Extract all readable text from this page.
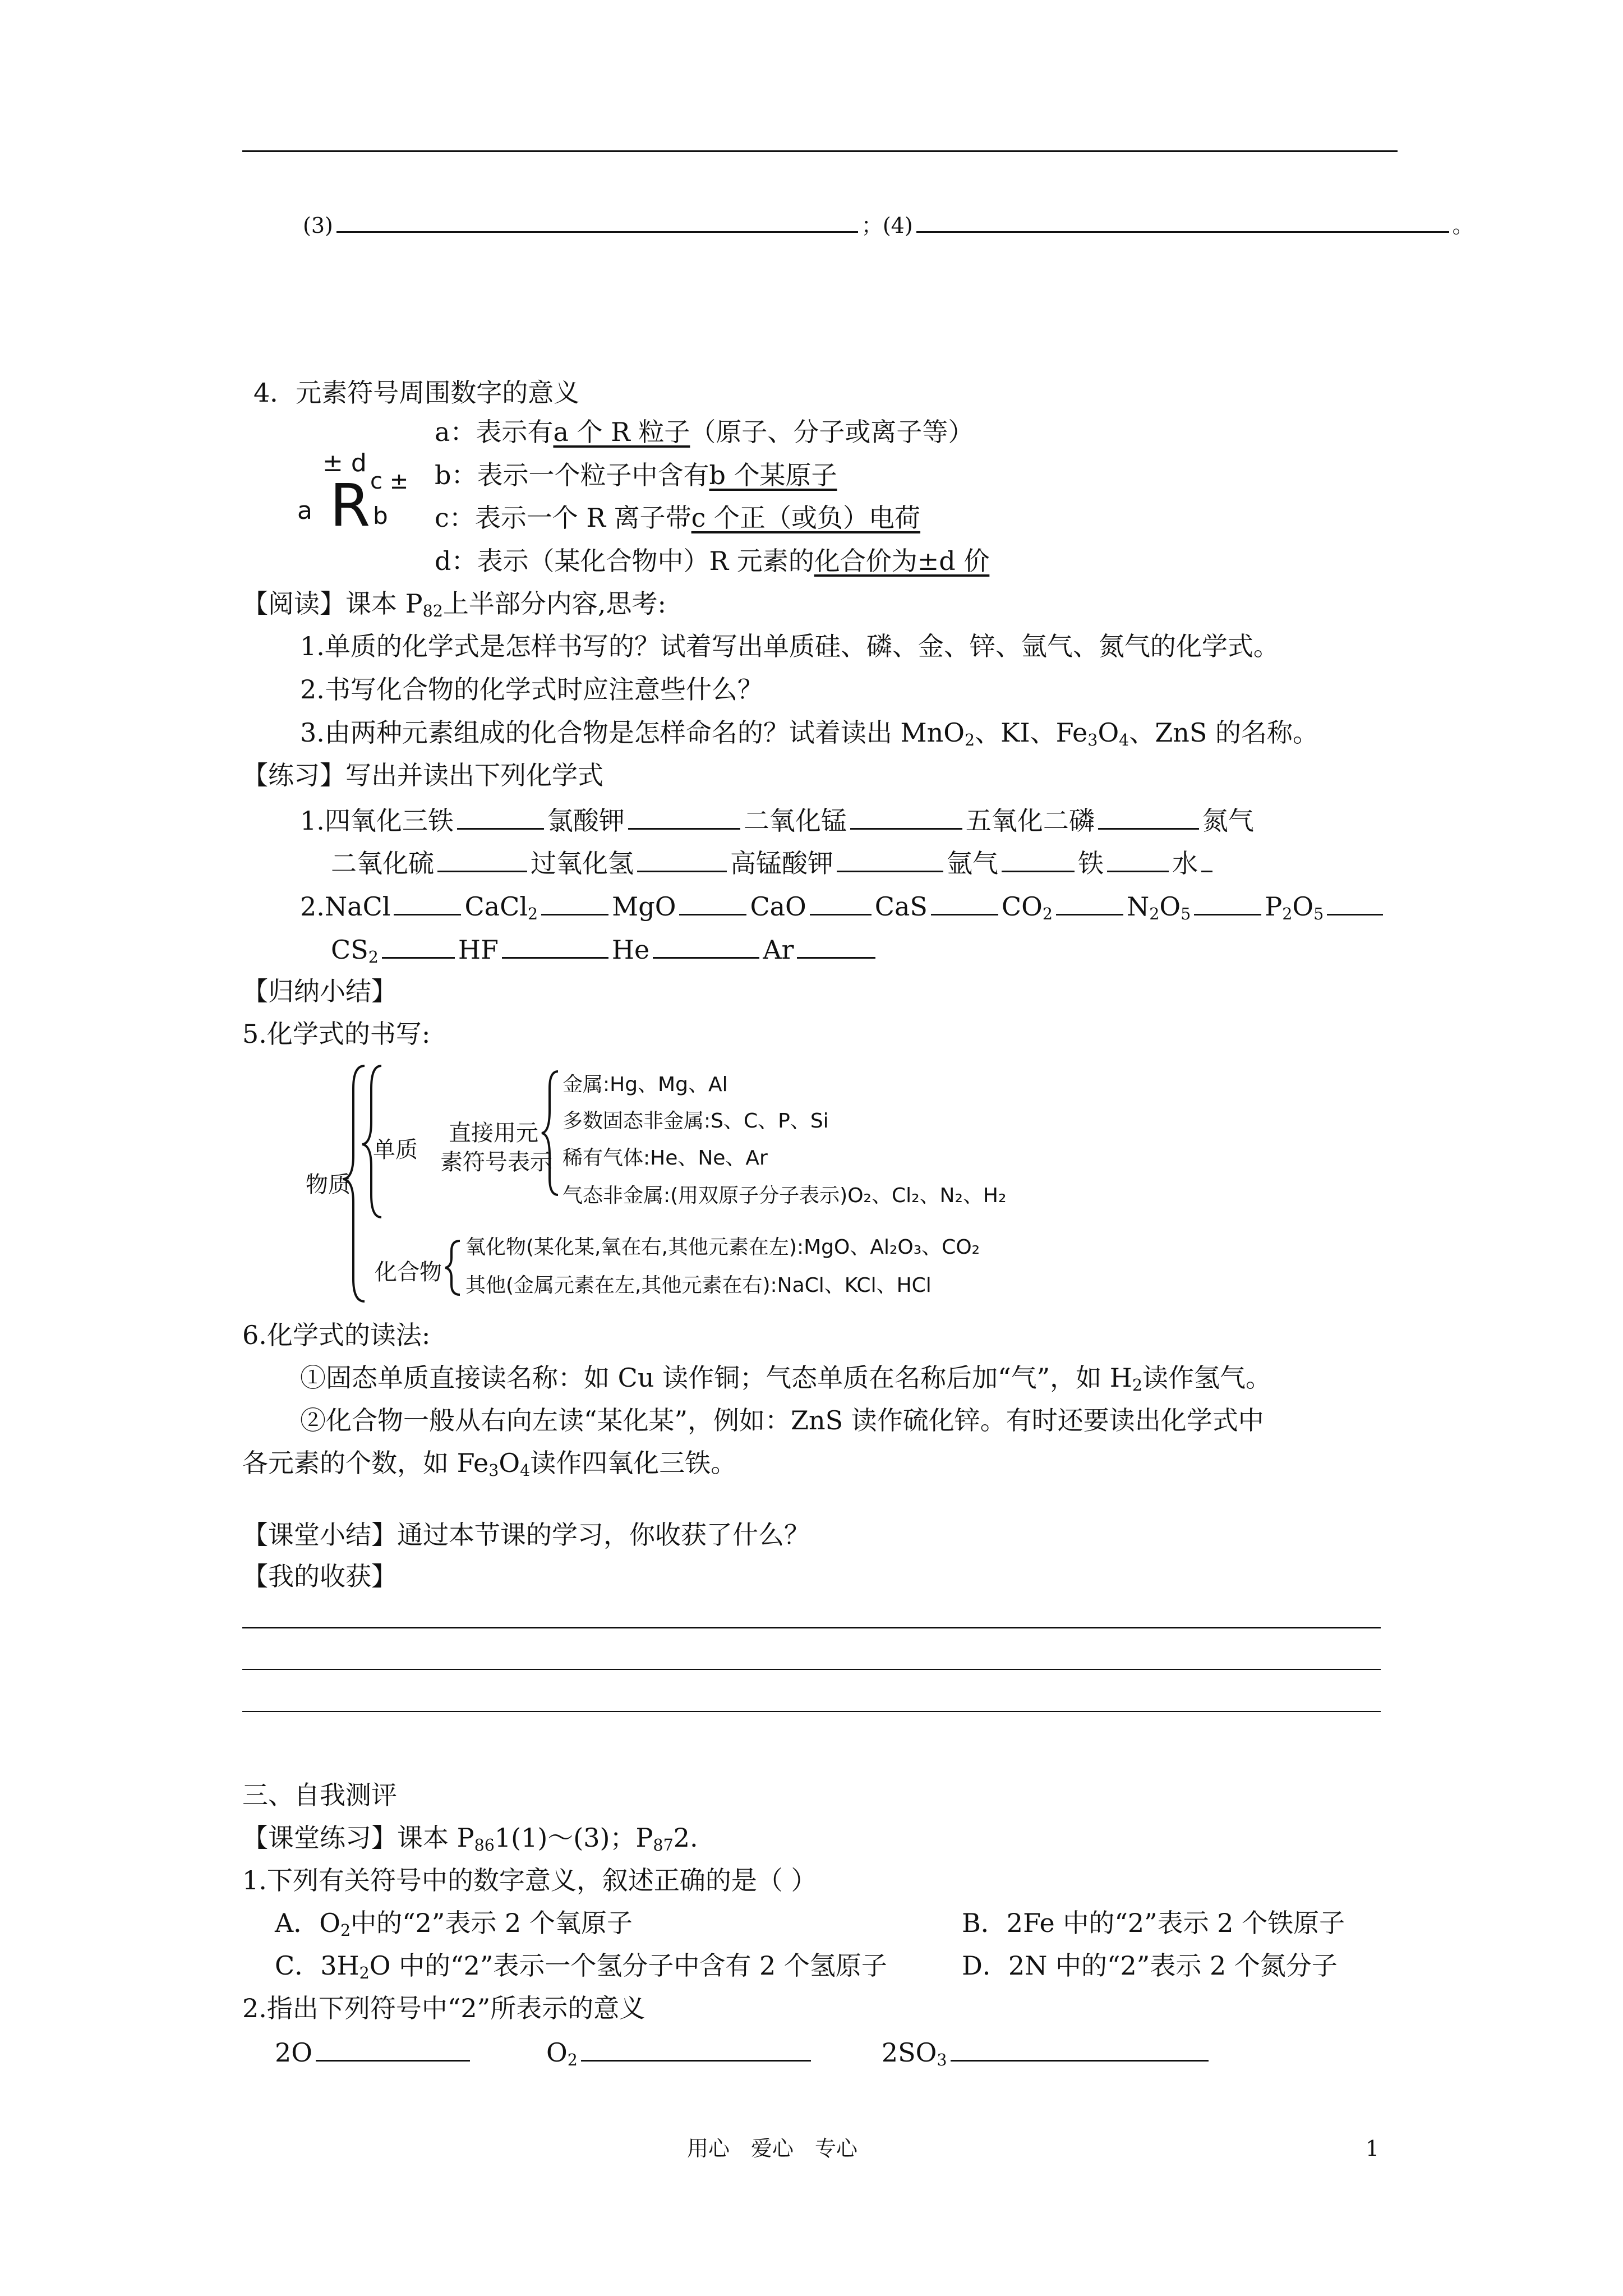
(3)	；(4)	。
4．元素符号周围数字的意义
± d
c ±
a R b
a：表示有a 个 R 粒子（原子、分子或离子等）
b：表示一个粒子中含有b 个某原子
c：表示一个 R 离子带c 个正（或负）电荷
d：表示（某化合物中）R 元素的化合价为±d 价
【阅读】课本 $P_{82}$上半部分内容,思考:
1.单质的化学式是怎样书写的？试着写出单质硅、磷、金、锌、氩气、氮气的化学式。
2.书写化合物的化学式时应注意些什么？
3.由两种元素组成的化合物是怎样命名的？试着读出 MnO$_2$、KI、$Fe_3O_4$、ZnS 的名称。
【练习】写出并读出下列化学式
1.四氧化三铁	氯酸钾	二氧化锰	五氧化二磷	氮气
二氧化硫	过氧化氢	高锰酸钾	氩气	铁	水
2.NaCl	CaCl$_2$	MgO	CaO	CaS	$CO_2$	$N_2O_5$	$P_2O_5$
$CS_2$	HF	He	Ar
【归纳小结】
5.化学式的书写:
物质
单质
直接用元
素符号表示
金属:Hg、Mg、Al
多数固态非金属:S、C、P、Si
稀有气体:He、Ne、Ar
气态非金属:(用双原子分子表示)O₂、Cl₂、N₂、H₂
化合物
氧化物(某化某,氧在右,其他元素在左):MgO、Al₂O₃、CO₂
其他(金属元素在左,其他元素在右):NaCl、KCl、HCl
6.化学式的读法:
①固态单质直接读名称：如 Cu 读作铜；气态单质在名称后加“气”，如 $H_2$读作氢气。
②化合物一般从右向左读“某化某”，例如：ZnS 读作硫化锌。有时还要读出化学式中
各元素的个数，如 $Fe_3O_4$读作四氧化三铁。
【课堂小结】通过本节课的学习，你收获了什么？
【我的收获】
三、自我测评
【课堂练习】课本 $P_{86}1(1)\sim(3)$；$P_{87}2$.
1.下列有关符号中的数字意义，叙述正确的是（ ）
A．$O_2$中的“2”表示 2 个氧原子	B．2Fe 中的“2”表示 2 个铁原子
C．$3H_2O$ 中的“2”表示一个氢分子中含有 2 个氢原子	D．2N 中的“2”表示 2 个氮分子
2.指出下列符号中“2”所表示的意义
2O	$O_2$	$2SO_3$
用心　爱心　专心	1
